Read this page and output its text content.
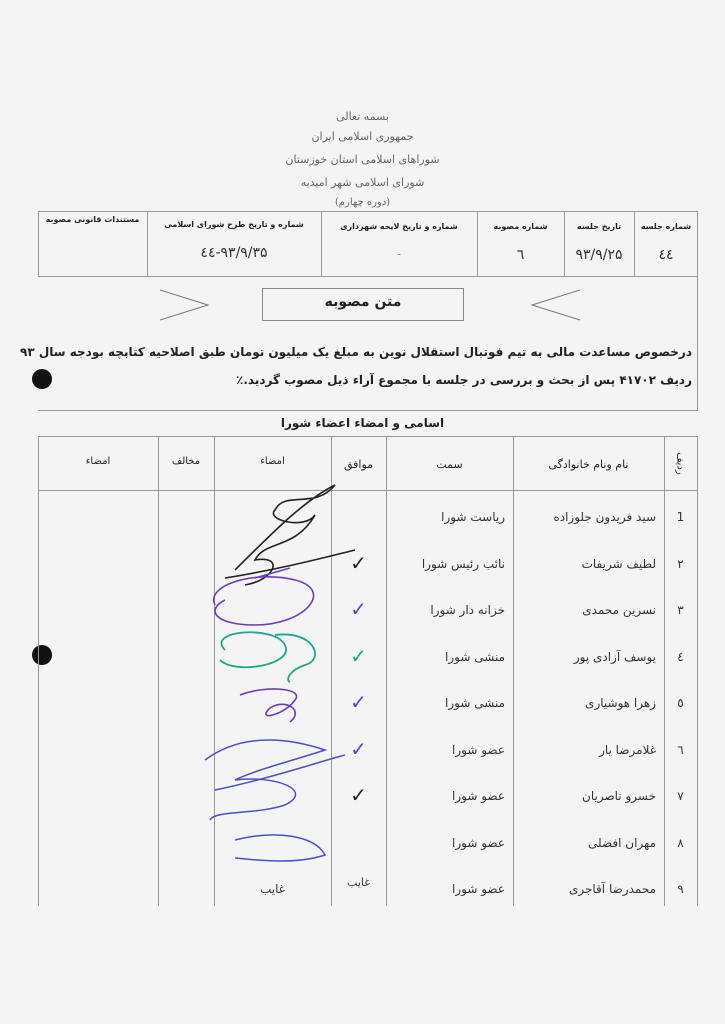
بسمه تعالی
جمهوری اسلامی ایران
شوراهای اسلامی استان خوزستان
شورای اسلامی شهر امیدیه
(دوره چهارم)
شماره جلسه
تاریخ جلسه
شماره مصوبه
شماره و تاریخ لایحه شهرداری
شماره و تاریخ طرح شورای اسلامی
مستندات قانونی مصوبه
٤٤
۹۳/۹/۲۵
٦
-
۹۳/۹/۳۵-٤٤
متن مصوبه
درخصوص مساعدت مالی به تیم فوتبال استقلال نوین به مبلغ یک میلیون تومان طبق اصلاحیه کتابچه بودجه سال ۹۳
ردیف ۴۱۷۰۲ پس از بحث و بررسی در جلسه با مجموع آراء ذیل مصوب گردید.٪
اسامی و امضاء اعضاء شورا
ردیف
نام ونام خانوادگی
سمت
موافق
امضاء
مخالف
امضاء
1
سید فریدون جلوزاده
ریاست شورا
٢
لطیف شریفات
نائب رئیس شورا
✓
٣
نسرین محمدی
خزانه دار شورا
✓
٤
یوسف آزادی پور
منشی شورا
✓
٥
زهرا هوشیاری
منشی شورا
✓
٦
غلامرضا یار
عضو شورا
✓
٧
خسرو ناصریان
عضو شورا
✓
٨
مهران افضلی
عضو شورا
٩
محمدرضا آقاجری
عضو شورا
غایب
غایب
